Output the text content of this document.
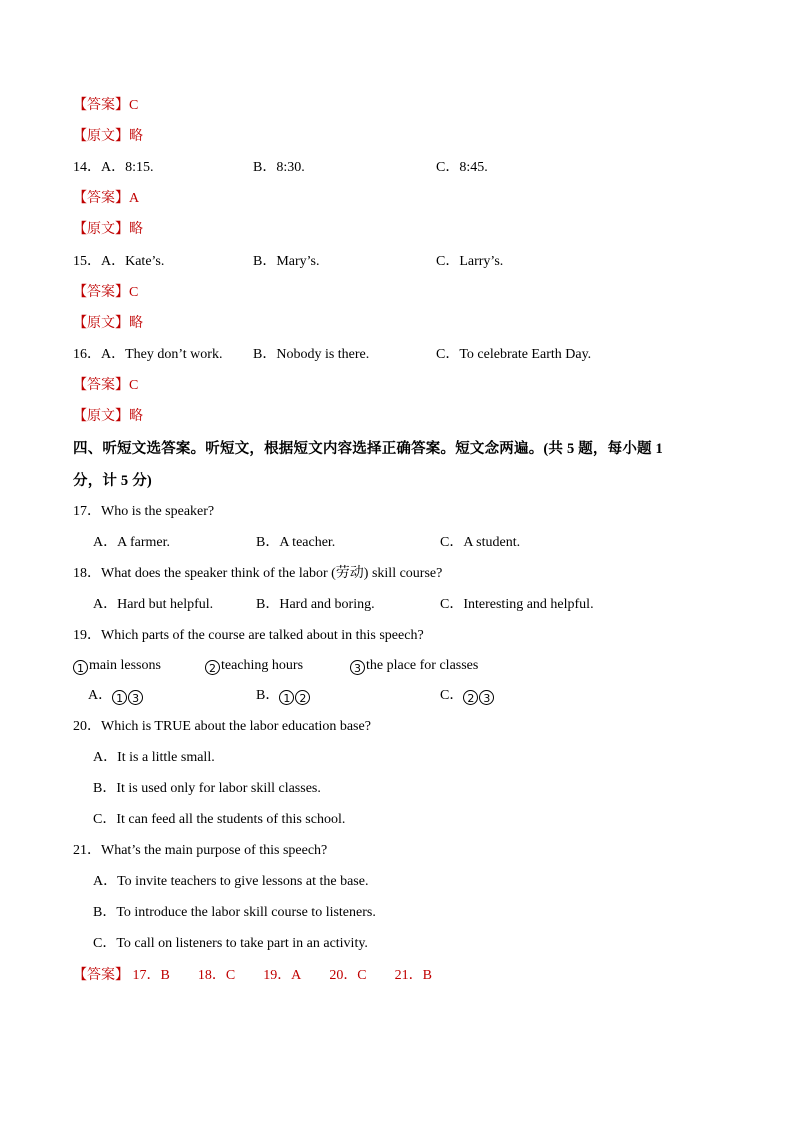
【答案】C
【原文】略
14．A．8:15.	B．8:30.	C．8:45.
【答案】A
【原文】略
15．A．Kate’s.	B．Mary’s.	C．Larry’s.
【答案】C
【原文】略
16．A．They don’t work. B．Nobody is there.	C．To celebrate Earth Day.
【答案】C
【原文】略
四、听短文选答案。听短文，根据短文内容选择正确答案。短文念两遍。(共 5 题，每小题 1
分，计 5 分)
17．Who is the speaker?
A．A farmer.	B．A teacher.	C．A student.
18．What does the speaker think of the labor (劳动) skill course?
A．Hard but helpful.	B．Hard and boring.	C．Interesting and helpful.
19．Which parts of the course are talked about in this speech?
1 main lessons	2 teaching hours	3 the place for classes
A． 1 3	B． 1 2	C． 2 3
20．Which is TRUE about the labor education base?
A．It is a little small.
B．It is used only for labor skill classes.
C．It can feed all the students of this school.
21．What’s the main purpose of this speech?
A．To invite teachers to give lessons at the base.
B．To introduce the labor skill course to listeners.
C．To call on listeners to take part in an activity.
【答案】 17．B 18．C 19．A 20．C 21．B
